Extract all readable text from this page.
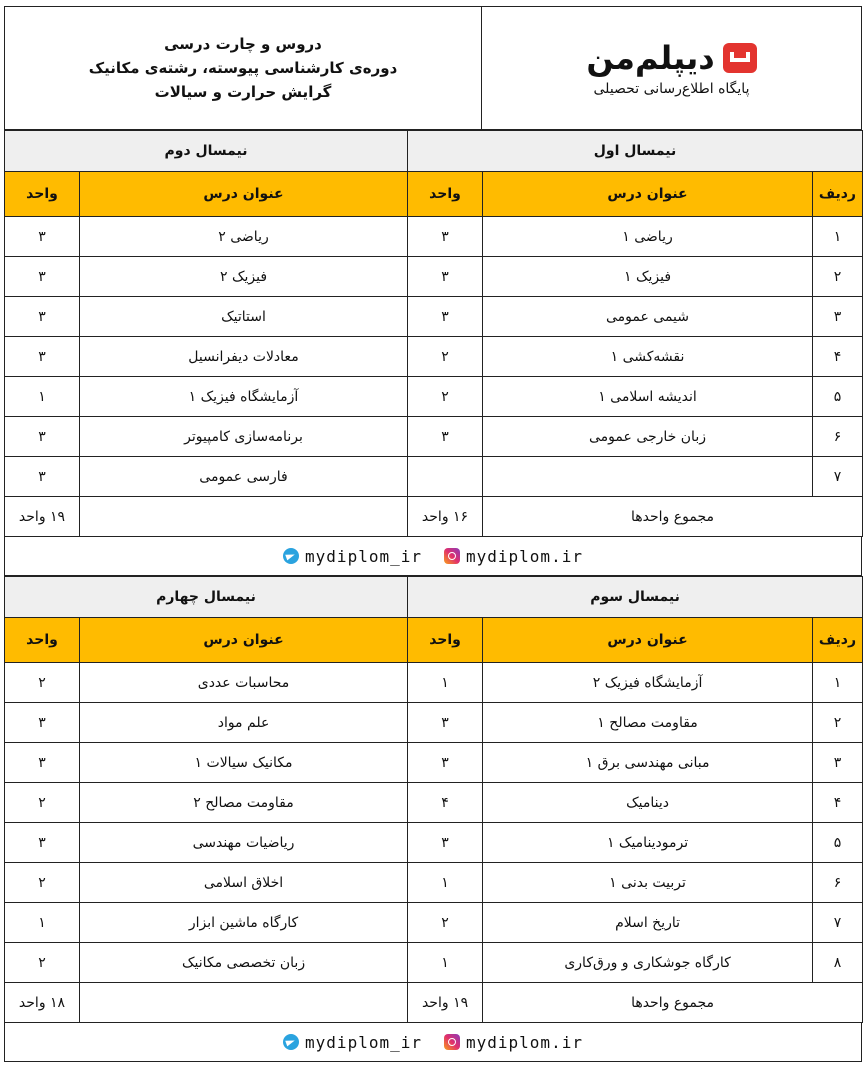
دروس و چارت درسی
دوره‌ی کارشناسی پیوسته، رشته‌ی مکانیک
گرایش حرارت و سیالات
دیپلم‌من
پایگاه اطلاع‌رسانی تحصیلی
نیمسال اول			نیمسال دوم	
ردیف	عنوان درس	واحد	عنوان درس	واحد
۱	ریاضی ۱	۳	ریاضی ۲	۳
۲	فیزیک ۱	۳	فیزیک ۲	۳
۳	شیمی عمومی	۳	استاتیک	۳
۴	نقشه‌کشی ۱	۲	معادلات دیفرانسیل	۳
۵	اندیشه اسلامی ۱	۲	آزمایشگاه فیزیک ۱	۱
۶	زبان خارجی عمومی	۳	برنامه‌سازی کامپیوتر	۳
۷			فارسی عمومی	۳
مجموع واحدها		۱۶ واحد		۱۹ واحد
mydiplom_ir	mydiplom.ir
نیمسال سوم			نیمسال چهارم	
ردیف	عنوان درس	واحد	عنوان درس	واحد
۱	آزمایشگاه فیزیک ۲	۱	محاسبات عددی	۲
۲	مقاومت مصالح ۱	۳	علم مواد	۳
۳	مبانی مهندسی برق ۱	۳	مکانیک سیالات ۱	۳
۴	دینامیک	۴	مقاومت مصالح ۲	۲
۵	ترمودینامیک ۱	۳	ریاضیات مهندسی	۳
۶	تربیت بدنی ۱	۱	اخلاق اسلامی	۲
۷	تاریخ اسلام	۲	کارگاه ماشین ابزار	۱
۸	کارگاه جوشکاری و ورق‌کاری	۱	زبان تخصصی مکانیک	۲
مجموع واحدها		۱۹ واحد		۱۸ واحد
mydiplom_ir	mydiplom.ir
